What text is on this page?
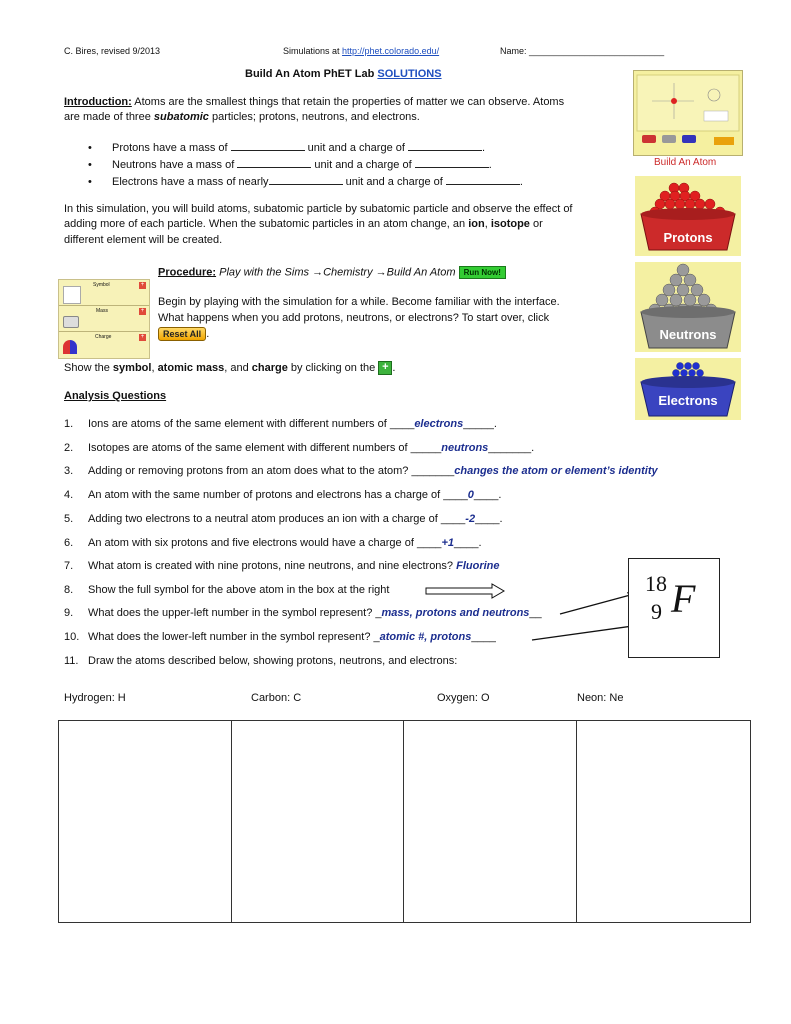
C. Bires, revised 9/2013	Simulations at http://phet.colorado.edu/	Name: ___________________________
Build An Atom PhET Lab SOLUTIONS
Introduction: Atoms are the smallest things that retain the properties of matter we can observe. Atoms
are made of three subatomic particles; protons, neutrons, and electrons.
• Protons have a mass of	unit and a charge of	.
• Neutrons have a mass of	unit and a charge of	.
• Electrons have a mass of nearly	unit and a charge of	.
In this simulation, you will build atoms, subatomic particle by subatomic particle and observe the effect of
adding more of each particle. When the subatomic particles in an atom change, an ion, isotope or
different element will be created.
Procedure: Play with the Sims →Chemistry →Build An Atom Run Now!
Begin by playing with the simulation for a while. Become familiar with the interface.
What happens when you add protons, neutrons, or electrons? To start over, click
Reset All .
Show the symbol, atomic mass, and charge by clicking on the + .
Symbol	+
Mass	+
Charge	+
Analysis Questions
1. Ions are atoms of the same element with different numbers of ____electrons_____.
2. Isotopes are atoms of the same element with different numbers of _____neutrons_______.
3. Adding or removing protons from an atom does what to the atom? _______changes the atom or element’s identity
4. An atom with the same number of protons and electrons has a charge of ____0____.
5. Adding two electrons to a neutral atom produces an ion with a charge of ____-2____.
6. An atom with six protons and five electrons would have a charge of ____+1____.
7. What atom is created with nine protons, nine neutrons, and nine electrons? Fluorine
8. Show the full symbol for the above atom in the box at the right
9. What does the upper-left number in the symbol represent? _mass, protons and neutrons__
10. What does the lower-left number in the symbol represent? _atomic #, protons____
11. Draw the atoms described below, showing protons, neutrons, and electrons:
18
9 F
Hydrogen: H	Carbon: C	Oxygen: O	Neon: Ne
Build An Atom
Protons
Neutrons
Electrons
